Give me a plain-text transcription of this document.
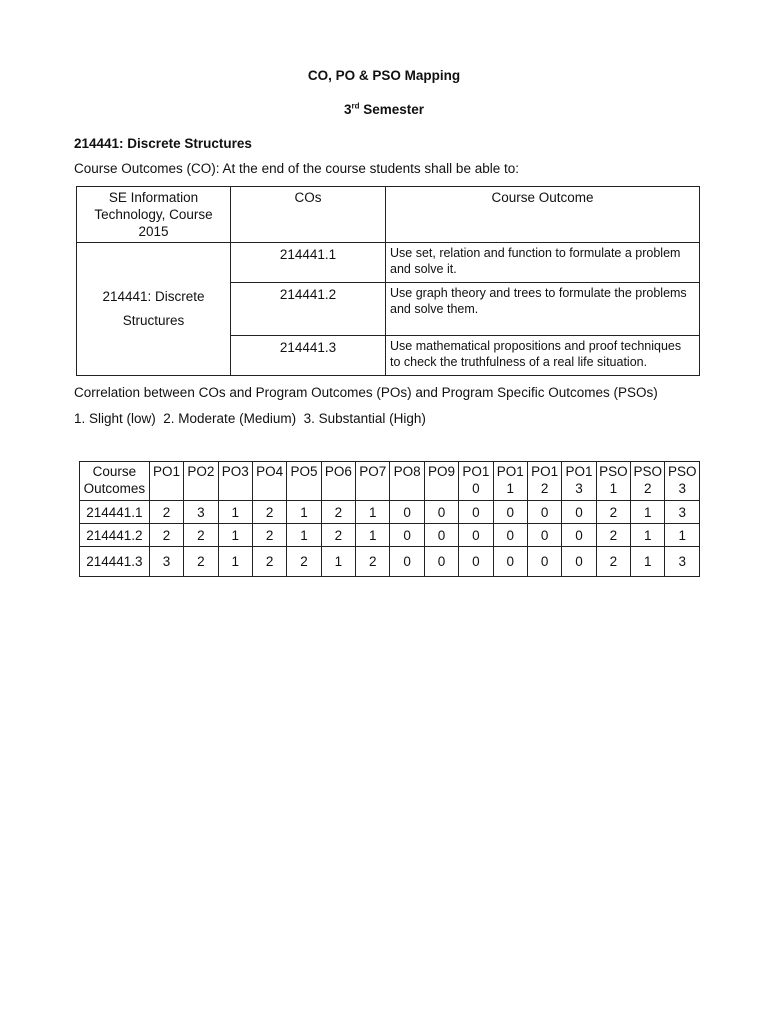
CO, PO & PSO Mapping
3rd Semester
214441: Discrete Structures
Course Outcomes (CO): At the end of the course students shall be able to:
SE Information Technology, Course 2015	COs	Course Outcome
214441: Discrete Structures	214441.1	Use set, relation and function to formulate a problem and solve it.
	214441.2	Use graph theory and trees to formulate the problems and solve them.
	214441.3	Use mathematical propositions and proof techniques to check the truthfulness of a real life situation.
Correlation between COs and Program Outcomes (POs) and Program Specific Outcomes (PSOs)
1. Slight (low)  2. Moderate (Medium)  3. Substantial (High)
Course Outcomes	PO1	PO2	PO3	PO4	PO5	PO6	PO7	PO8	PO9	PO10	PO11	PO12	PO13	PSO1	PSO2	PSO3
214441.1	2	3	1	2	1	2	1	0	0	0	0	0	0	2	1	3
214441.2	2	2	1	2	1	2	1	0	0	0	0	0	0	2	1	1
214441.3	3	2	1	2	2	1	2	0	0	0	0	0	0	2	1	3
